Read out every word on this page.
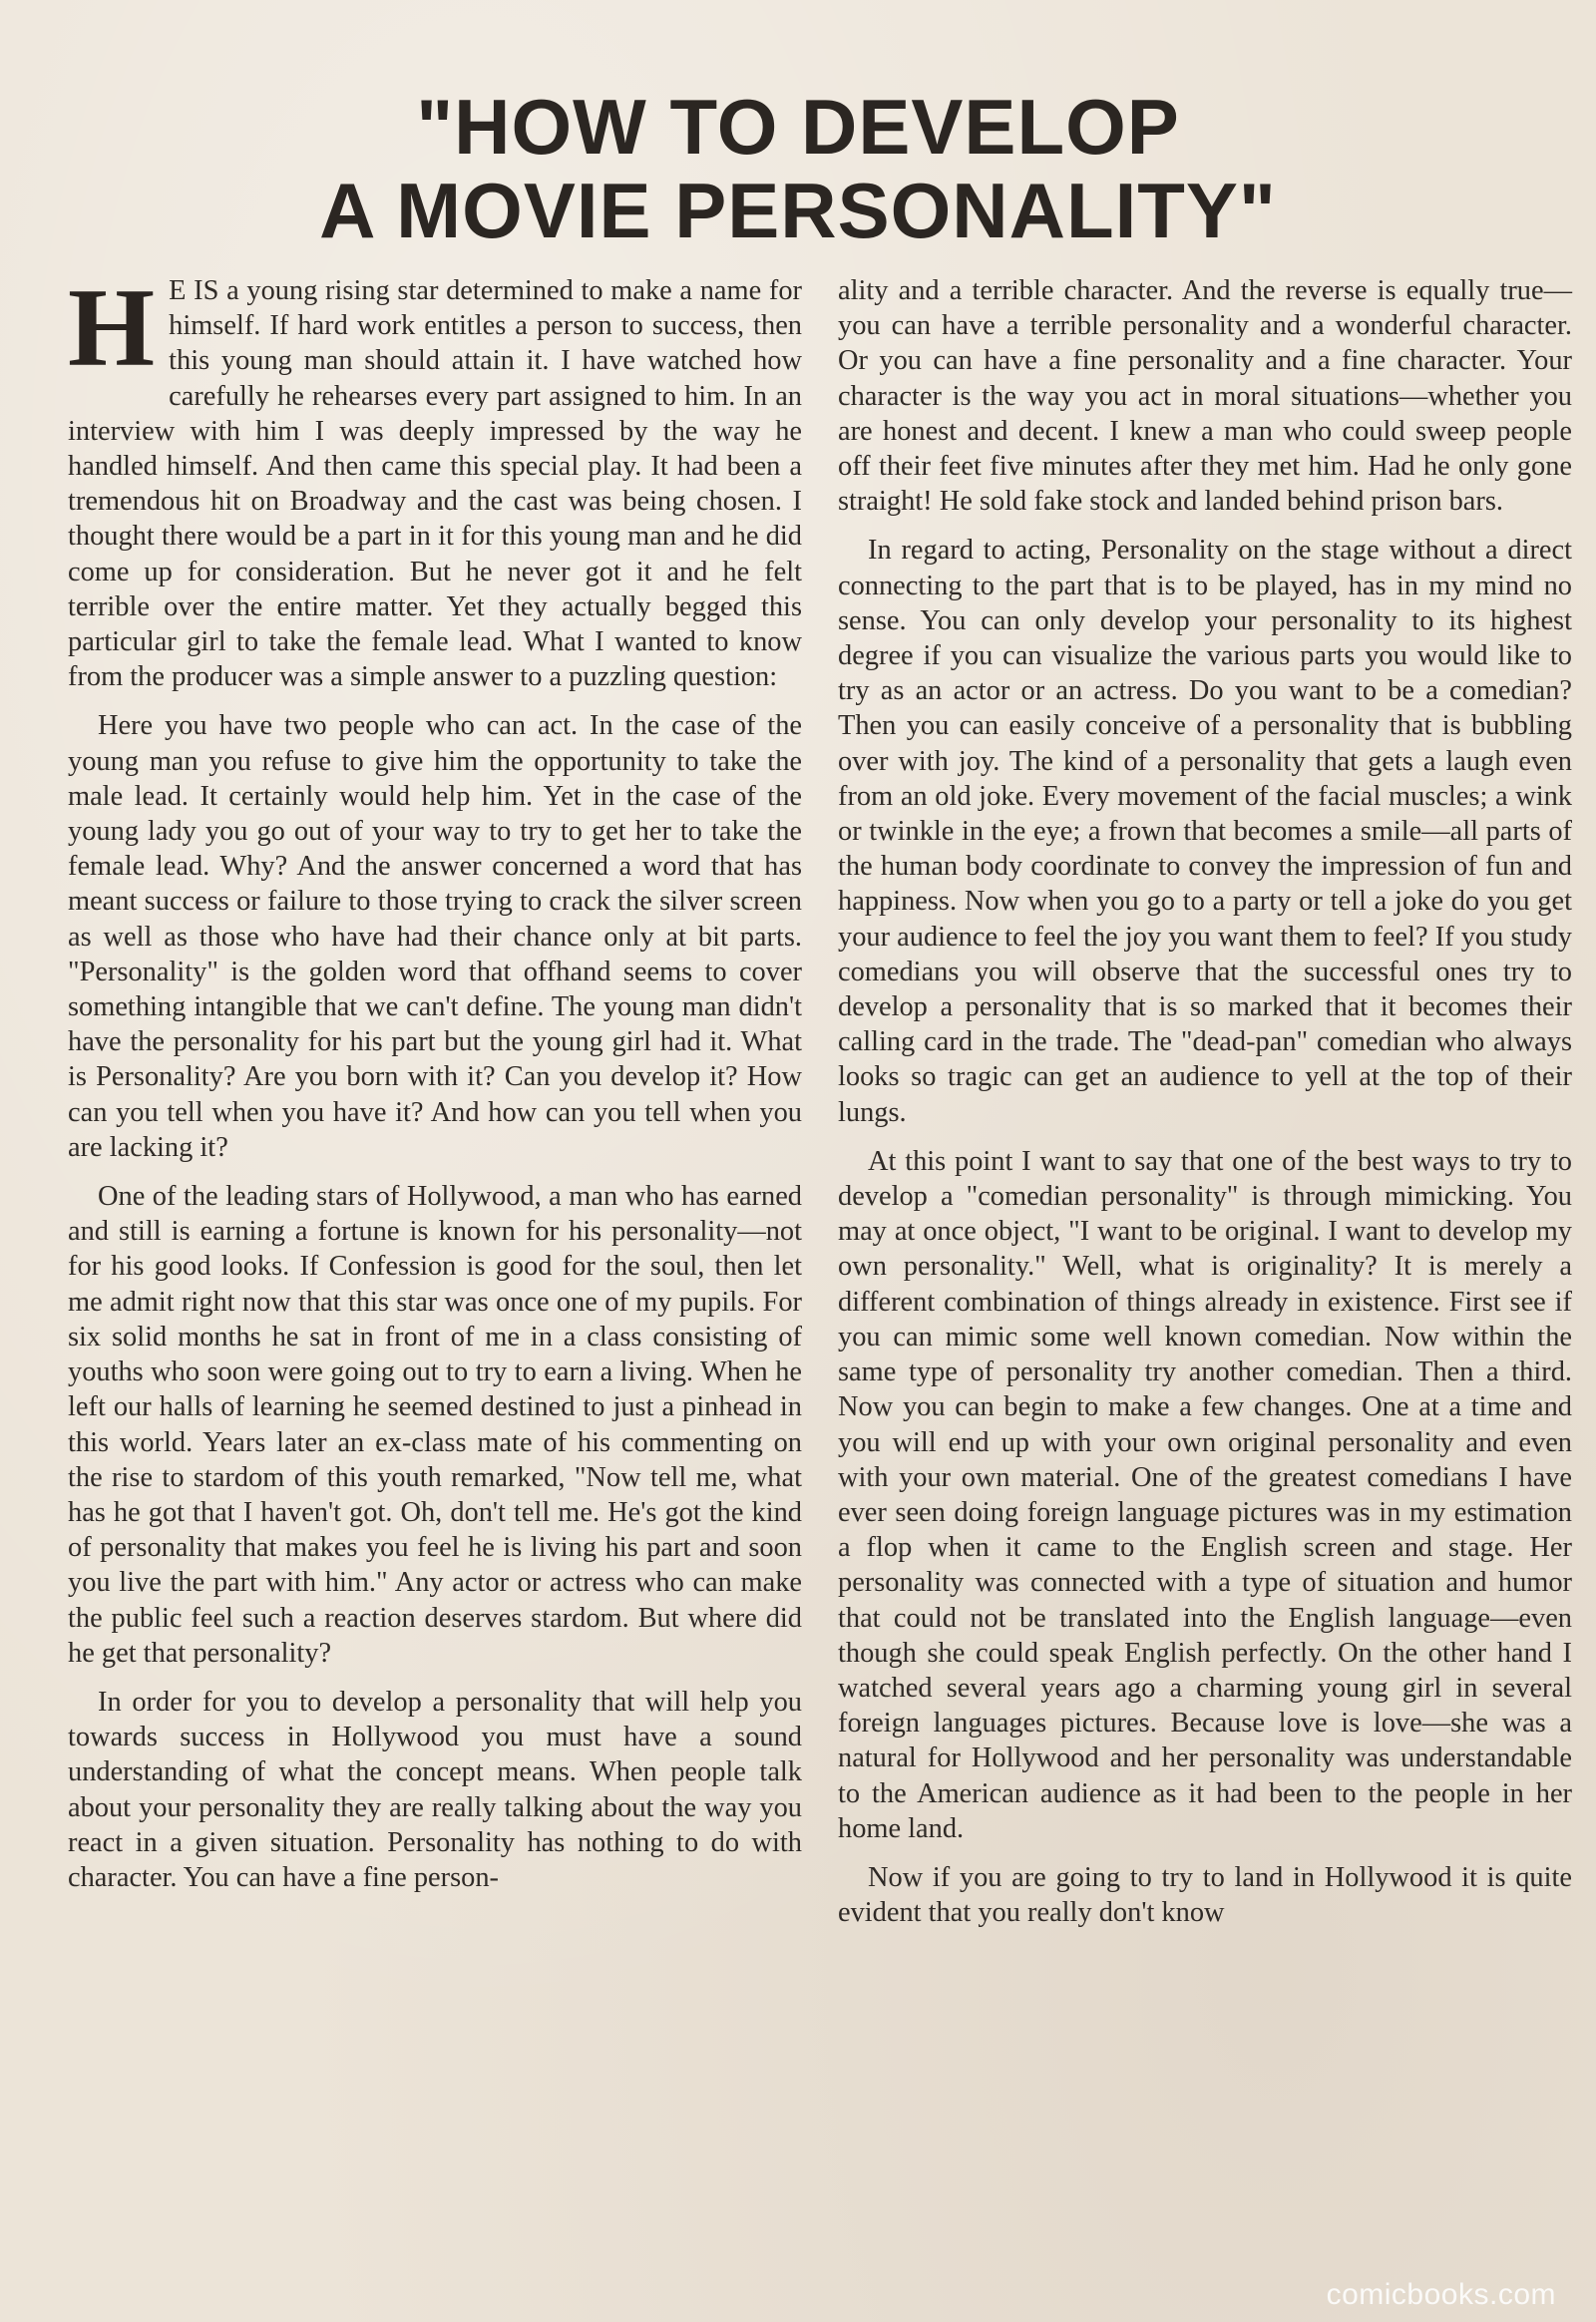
"HOW TO DEVELOP
A MOVIE PERSONALITY"

H E IS a young rising star determined to make a name for himself. If hard work entitles a person to success, then this young man should attain it. I have watched how carefully he rehearses every part assigned to him. In an interview with him I was deeply impressed by the way he handled himself. And then came this special play. It had been a tremendous hit on Broadway and the cast was being chosen. I thought there would be a part in it for this young man and he did come up for consideration. But he never got it and he felt terrible over the entire matter. Yet they actually begged this particular girl to take the female lead. What I wanted to know from the producer was a simple answer to a puzzling question:

Here you have two people who can act. In the case of the young man you refuse to give him the opportunity to take the male lead. It certainly would help him. Yet in the case of the young lady you go out of your way to try to get her to take the female lead. Why? And the answer concerned a word that has meant success or failure to those trying to crack the silver screen as well as those who have had their chance only at bit parts. "Personality" is the golden word that offhand seems to cover something intangible that we can't define. The young man didn't have the personality for his part but the young girl had it. What is Personality? Are you born with it? Can you develop it? How can you tell when you have it? And how can you tell when you are lacking it?

One of the leading stars of Hollywood, a man who has earned and still is earning a fortune is known for his personality—not for his good looks. If Confession is good for the soul, then let me admit right now that this star was once one of my pupils. For six solid months he sat in front of me in a class consisting of youths who soon were going out to try to earn a living. When he left our halls of learning he seemed destined to just a pinhead in this world. Years later an ex-class mate of his commenting on the rise to stardom of this youth remarked, "Now tell me, what has he got that I haven't got. Oh, don't tell me. He's got the kind of personality that makes you feel he is living his part and soon you live the part with him." Any actor or actress who can make the public feel such a reaction deserves stardom. But where did he get that personality?

In order for you to develop a personality that will help you towards success in Hollywood you must have a sound understanding of what the concept means. When people talk about your personality they are really talking about the way you react in a given situation. Personality has nothing to do with character. You can have a fine person-

ality and a terrible character. And the reverse is equally true—you can have a terrible personality and a wonderful character. Or you can have a fine personality and a fine character. Your character is the way you act in moral situations—whether you are honest and decent. I knew a man who could sweep people off their feet five minutes after they met him. Had he only gone straight! He sold fake stock and landed behind prison bars.

In regard to acting, Personality on the stage without a direct connecting to the part that is to be played, has in my mind no sense. You can only develop your personality to its highest degree if you can visualize the various parts you would like to try as an actor or an actress. Do you want to be a comedian? Then you can easily conceive of a personality that is bubbling over with joy. The kind of a personality that gets a laugh even from an old joke. Every movement of the facial muscles; a wink or twinkle in the eye; a frown that becomes a smile—all parts of the human body coordinate to convey the impression of fun and happiness. Now when you go to a party or tell a joke do you get your audience to feel the joy you want them to feel? If you study comedians you will observe that the successful ones try to develop a personality that is so marked that it becomes their calling card in the trade. The "dead-pan" comedian who always looks so tragic can get an audience to yell at the top of their lungs.

At this point I want to say that one of the best ways to try to develop a "comedian personality" is through mimicking. You may at once object, "I want to be original. I want to develop my own personality." Well, what is originality? It is merely a different combination of things already in existence. First see if you can mimic some well known comedian. Now within the same type of personality try another comedian. Then a third. Now you can begin to make a few changes. One at a time and you will end up with your own original personality and even with your own material. One of the greatest comedians I have ever seen doing foreign language pictures was in my estimation a flop when it came to the English screen and stage. Her personality was connected with a type of situation and humor that could not be translated into the English language—even though she could speak English perfectly. On the other hand I watched several years ago a charming young girl in several foreign languages pictures. Because love is love—she was a natural for Hollywood and her personality was understandable to the American audience as it had been to the people in her home land.

Now if you are going to try to land in Hollywood it is quite evident that you really don't know

comicbooks.com
